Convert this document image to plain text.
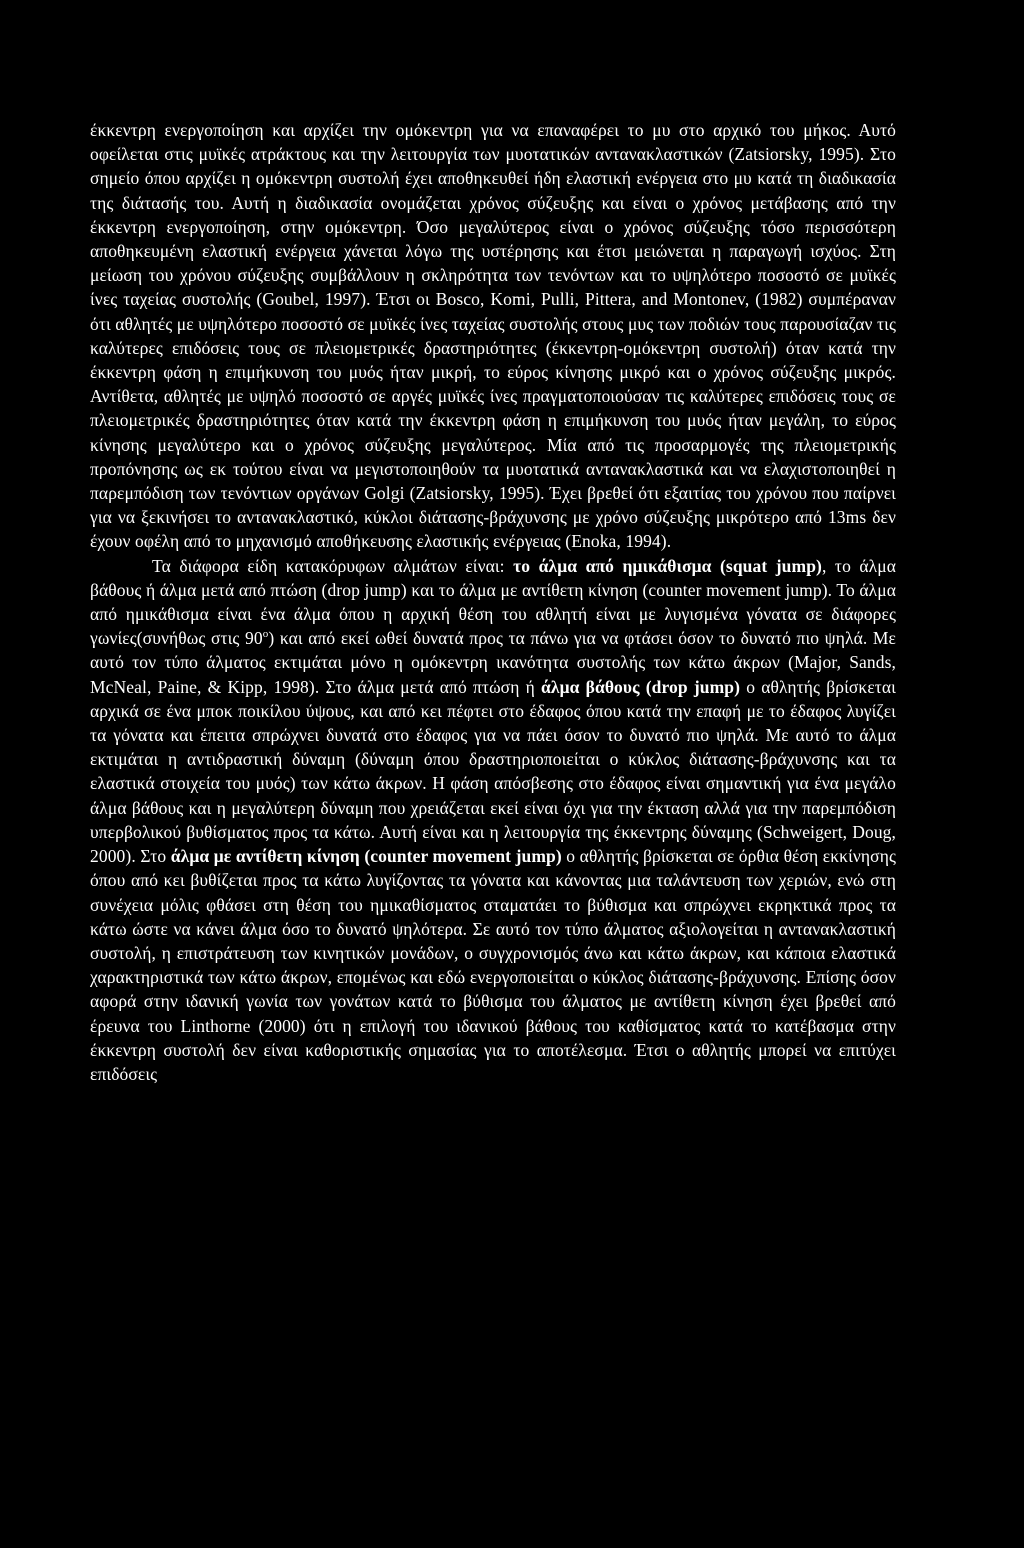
έκκεντρη ενεργοποίηση και αρχίζει την ομόκεντρη για να επαναφέρει το μυ στο αρχικό του μήκος. Αυτό οφείλεται στις μυϊκές ατράκτους και την λειτουργία των μυοτατικών αντανακλαστικών (Zatsiorsky, 1995). Στο σημείο όπου αρχίζει η ομόκεντρη συστολή έχει αποθηκευθεί ήδη ελαστική ενέργεια στο μυ κατά τη διαδικασία της διάτασής του. Αυτή η διαδικασία ονομάζεται χρόνος σύζευξης και είναι ο χρόνος μετάβασης από την έκκεντρη ενεργοποίηση, στην ομόκεντρη. Όσο μεγαλύτερος είναι ο χρόνος σύζευξης τόσο περισσότερη αποθηκευμένη ελαστική ενέργεια χάνεται λόγω της υστέρησης και έτσι μειώνεται η παραγωγή ισχύος. Στη μείωση του χρόνου σύζευξης συμβάλλουν η σκληρότητα των τενόντων και το υψηλότερο ποσοστό σε μυϊκές ίνες ταχείας συστολής (Goubel, 1997). Έτσι οι Bosco, Komi, Pulli, Pittera, and Montonev, (1982) συμπέραναν ότι αθλητές με υψηλότερο ποσοστό σε μυϊκές ίνες ταχείας συστολής στους μυς των ποδιών τους παρουσίαζαν τις καλύτερες επιδόσεις τους σε πλειομετρικές δραστηριότητες (έκκεντρη-ομόκεντρη συστολή) όταν κατά την έκκεντρη φάση η επιμήκυνση του μυός ήταν μικρή, το εύρος κίνησης μικρό και ο χρόνος σύζευξης μικρός. Αντίθετα, αθλητές με υψηλό ποσοστό σε αργές μυϊκές ίνες πραγματοποιούσαν τις καλύτερες επιδόσεις τους σε πλειομετρικές δραστηριότητες όταν κατά την έκκεντρη φάση η επιμήκυνση του μυός ήταν μεγάλη, το εύρος κίνησης μεγαλύτερο και ο χρόνος σύζευξης μεγαλύτερος. Μία από τις προσαρμογές της πλειομετρικής προπόνησης ως εκ τούτου είναι να μεγιστοποιηθούν τα μυοτατικά αντανακλαστικά και να ελαχιστοποιηθεί η παρεμπόδιση των τενόντιων οργάνων Golgi (Zatsiorsky, 1995). Έχει βρεθεί ότι εξαιτίας του χρόνου που παίρνει για να ξεκινήσει το αντανακλαστικό, κύκλοι διάτασης-βράχυνσης με χρόνο σύζευξης μικρότερο από 13ms δεν έχουν οφέλη από το μηχανισμό αποθήκευσης ελαστικής ενέργειας (Enoka, 1994).

Τα διάφορα είδη κατακόρυφων αλμάτων είναι: το άλμα από ημικάθισμα (squat jump), το άλμα βάθους ή άλμα μετά από πτώση (drop jump) και το άλμα με αντίθετη κίνηση (counter movement jump). Το άλμα από ημικάθισμα είναι ένα άλμα όπου η αρχική θέση του αθλητή είναι με λυγισμένα γόνατα σε διάφορες γωνίες(συνήθως στις $90^o$) και από εκεί ωθεί δυνατά προς τα πάνω για να φτάσει όσον το δυνατό πιο ψηλά. Με αυτό τον τύπο άλματος εκτιμάται μόνο η ομόκεντρη ικανότητα συστολής των κάτω άκρων (Major, Sands, McNeal, Paine, & Kipp, 1998). Στο άλμα μετά από πτώση ή άλμα βάθους (drop jump) ο αθλητής βρίσκεται αρχικά σε ένα μποκ ποικίλου ύψους, και από κει πέφτει στο έδαφος όπου κατά την επαφή με το έδαφος λυγίζει τα γόνατα και έπειτα σπρώχνει δυνατά στο έδαφος για να πάει όσον το δυνατό πιο ψηλά. Με αυτό το άλμα εκτιμάται η αντιδραστική δύναμη (δύναμη όπου δραστηριοποιείται ο κύκλος διάτασης-βράχυνσης και τα ελαστικά στοιχεία του μυός) των κάτω άκρων. Η φάση απόσβεσης στο έδαφος είναι σημαντική για ένα μεγάλο άλμα βάθους και η μεγαλύτερη δύναμη που χρειάζεται εκεί είναι όχι για την έκταση αλλά για την παρεμπόδιση υπερβολικού βυθίσματος προς τα κάτω. Αυτή είναι και η λειτουργία της έκκεντρης δύναμης (Schweigert, Doug, 2000). Στο άλμα με αντίθετη κίνηση (counter movement jump) ο αθλητής βρίσκεται σε όρθια θέση εκκίνησης όπου από κει βυθίζεται προς τα κάτω λυγίζοντας τα γόνατα και κάνοντας μια ταλάντευση των χεριών, ενώ στη συνέχεια μόλις φθάσει στη θέση του ημικαθίσματος σταματάει το βύθισμα και σπρώχνει εκρηκτικά προς τα κάτω ώστε να κάνει άλμα όσο το δυνατό ψηλότερα. Σε αυτό τον τύπο άλματος αξιολογείται η αντανακλαστική συστολή, η επιστράτευση των κινητικών μονάδων, ο συγχρονισμός άνω και κάτω άκρων, και κάποια ελαστικά χαρακτηριστικά των κάτω άκρων, επομένως και εδώ ενεργοποιείται ο κύκλος διάτασης-βράχυνσης. Επίσης όσον αφορά στην ιδανική γωνία των γονάτων κατά το βύθισμα του άλματος με αντίθετη κίνηση έχει βρεθεί από έρευνα του Linthorne (2000) ότι η επιλογή του ιδανικού βάθους του καθίσματος κατά το κατέβασμα στην έκκεντρη συστολή δεν είναι καθοριστικής σημασίας για το αποτέλεσμα. Έτσι ο αθλητής μπορεί να επιτύχει επιδόσεις
